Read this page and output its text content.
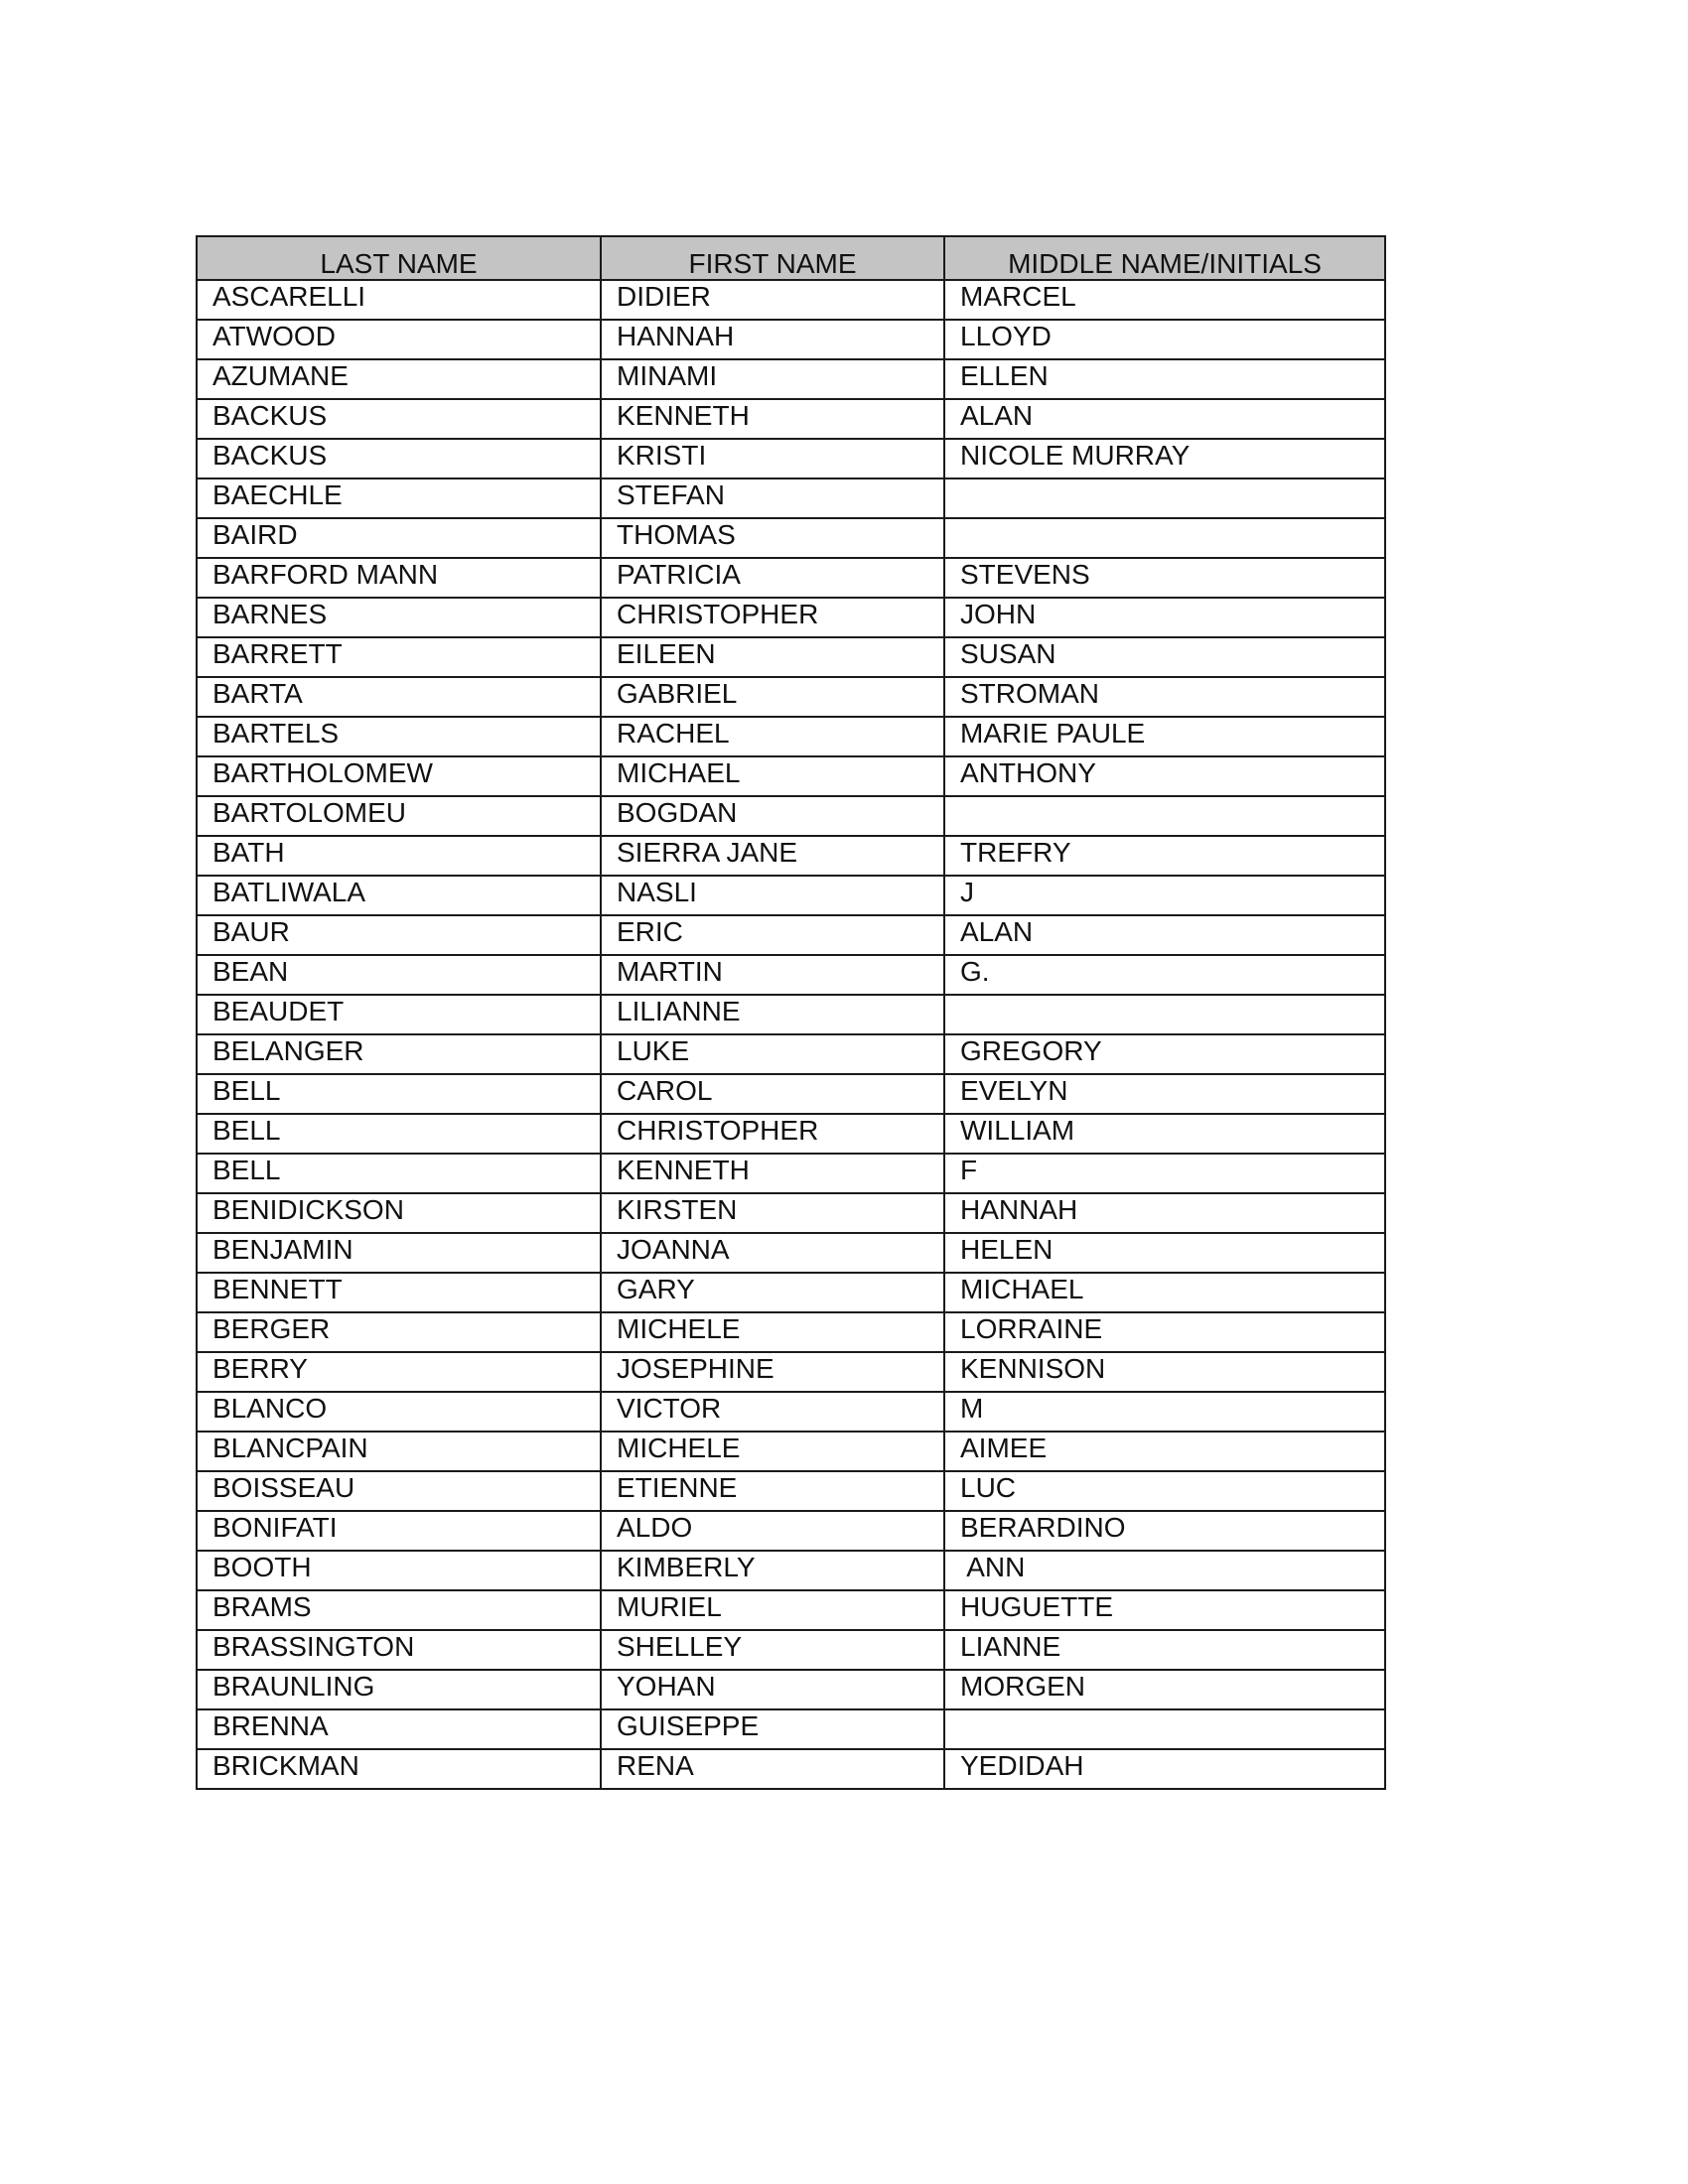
LAST NAME	FIRST NAME	MIDDLE NAME/INITIALS
ASCARELLI	DIDIER	MARCEL
ATWOOD	HANNAH	LLOYD
AZUMANE	MINAMI	ELLEN
BACKUS	KENNETH	ALAN
BACKUS	KRISTI	NICOLE MURRAY
BAECHLE	STEFAN	
BAIRD	THOMAS	
BARFORD MANN	PATRICIA	STEVENS
BARNES	CHRISTOPHER	JOHN
BARRETT	EILEEN	SUSAN
BARTA	GABRIEL	STROMAN
BARTELS	RACHEL	MARIE PAULE
BARTHOLOMEW	MICHAEL	ANTHONY
BARTOLOMEU	BOGDAN	
BATH	SIERRA JANE	TREFRY
BATLIWALA	NASLI	J
BAUR	ERIC	ALAN
BEAN	MARTIN	G.
BEAUDET	LILIANNE	
BELANGER	LUKE	GREGORY
BELL	CAROL	EVELYN
BELL	CHRISTOPHER	WILLIAM
BELL	KENNETH	F
BENIDICKSON	KIRSTEN	HANNAH
BENJAMIN	JOANNA	HELEN
BENNETT	GARY	MICHAEL
BERGER	MICHELE	LORRAINE
BERRY	JOSEPHINE	KENNISON
BLANCO	VICTOR	M
BLANCPAIN	MICHELE	AIMEE
BOISSEAU	ETIENNE	LUC
BONIFATI	ALDO	BERARDINO
BOOTH	KIMBERLY	ANN
BRAMS	MURIEL	HUGUETTE
BRASSINGTON	SHELLEY	LIANNE
BRAUNLING	YOHAN	MORGEN
BRENNA	GUISEPPE	
BRICKMAN	RENA	YEDIDAH
